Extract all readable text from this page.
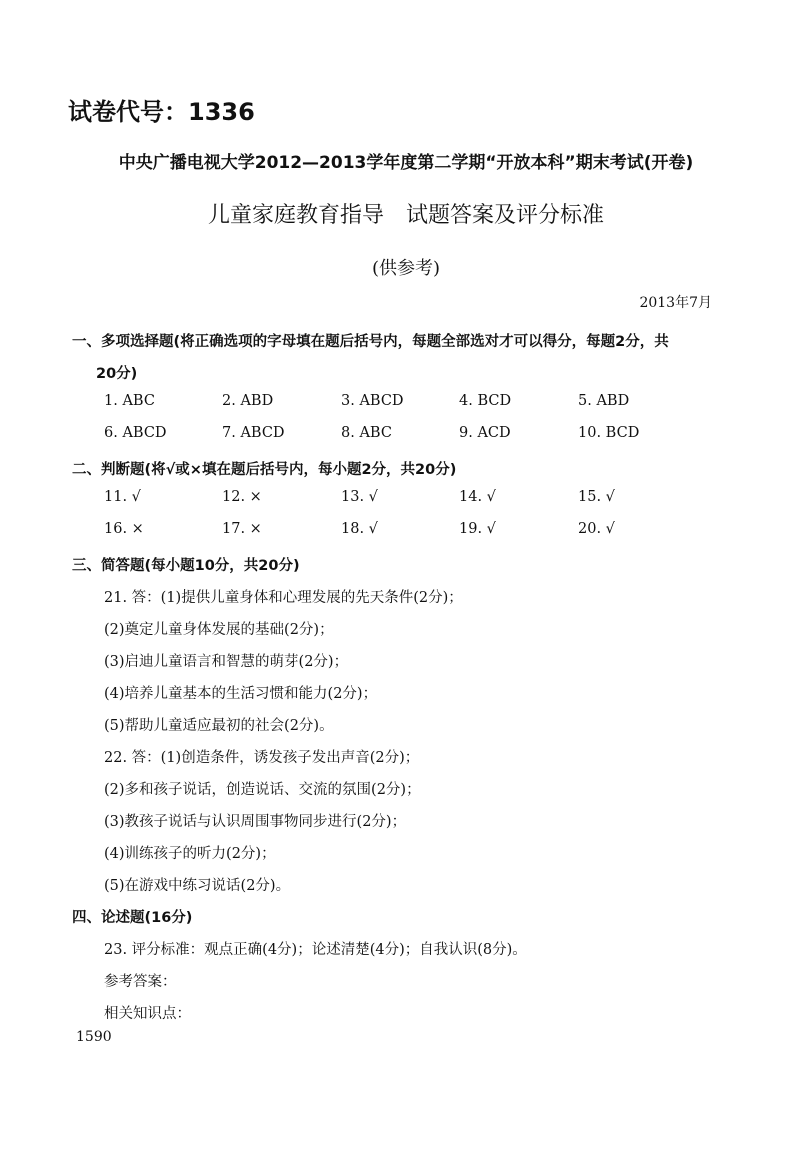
试卷代号：1336
中央广播电视大学2012—2013学年度第二学期“开放本科”期末考试(开卷)
儿童家庭教育指导　试题答案及评分标准
(供参考)
2013年7月
一、多项选择题(将正确选项的字母填在题后括号内，每题全部选对才可以得分，每题2分，共
20分)
1. ABC	2. ABD	3. ABCD	4. BCD	5. ABD
6. ABCD	7. ABCD	8. ABC	9. ACD	10. BCD
二、判断题(将√或×填在题后括号内，每小题2分，共20分)
11. √	12. ×	13. √	14. √	15. √
16. ×	17. ×	18. √	19. √	20. √
三、简答题(每小题10分，共20分)
21. 答：(1)提供儿童身体和心理发展的先天条件(2分)；
(2)奠定儿童身体发展的基础(2分)；
(3)启迪儿童语言和智慧的萌芽(2分)；
(4)培养儿童基本的生活习惯和能力(2分)；
(5)帮助儿童适应最初的社会(2分)。
22. 答：(1)创造条件，诱发孩子发出声音(2分)；
(2)多和孩子说话，创造说话、交流的氛围(2分)；
(3)教孩子说话与认识周围事物同步进行(2分)；
(4)训练孩子的听力(2分)；
(5)在游戏中练习说话(2分)。
四、论述题(16分)
23. 评分标准：观点正确(4分)；论述清楚(4分)；自我认识(8分)。
参考答案：
相关知识点：
1590
